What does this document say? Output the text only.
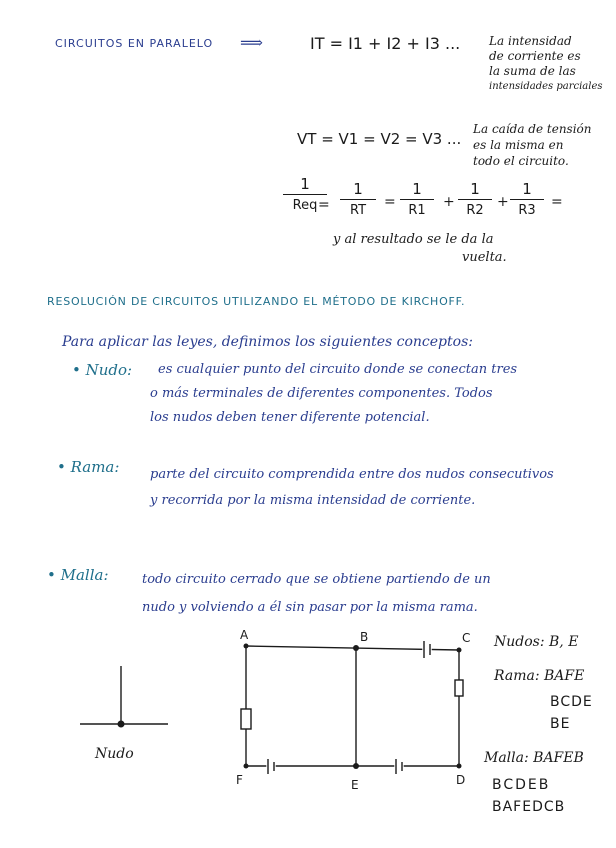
CIRCUITOS EN PARALELO ⟹	IT = I1 + I2 + I3 ... La intensidad
de corriente es
la suma de las
intensidades parciales
VT = V1 = V2 = V3 ...
La caída de tensión
es la misma en
todo el circuito.
1
Req = $\frac{1}{RT} = \frac{1}{R1} + \frac{1}{R2} + \frac{1}{R3}$ =
y al resultado se le da la
vuelta.
RESOLUCIÓN DE CIRCUITOS UTILIZANDO EL MÉTODO DE KIRCHOFF.
Para aplicar las leyes, definimos los siguientes conceptos:
• Nudo: es cualquier punto del circuito donde se conectan tres
o más terminales de diferentes componentes. Todos
los nudos deben tener diferente potencial.
• Rama: parte del circuito comprendida entre dos nudos consecutivos
y recorrida por la misma intensidad de corriente.
• Malla:	todo circuito cerrado que se obtiene partiendo de un
nudo y volviendo a él sin pasar por la misma rama.
Nudo
A	B	C
D
E
F
Nudos: B, E
Rama: BAFE
BCDE
BE
Malla: BAFEB
BCDEB
BAFEDCB
